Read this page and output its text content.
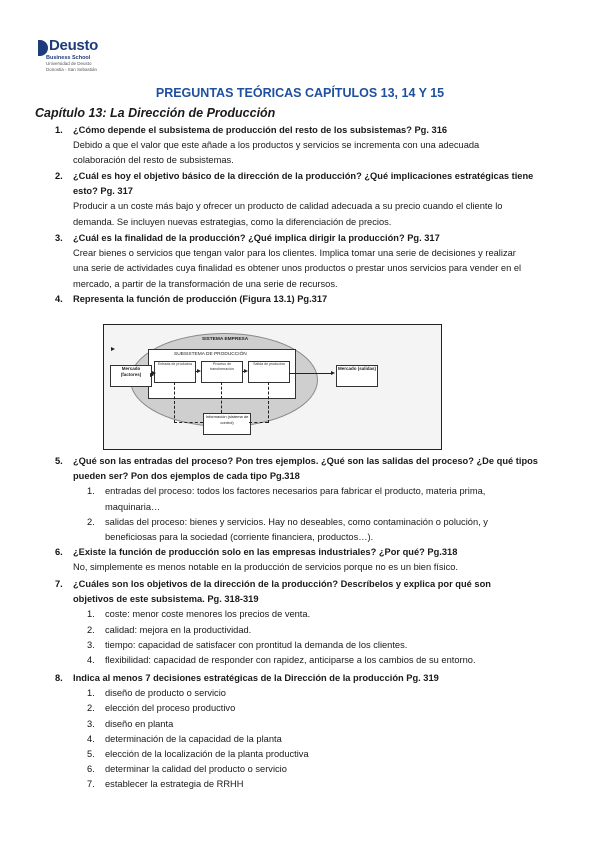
Deusto
Business School
Universidad de Deusto
Donostia - San Sebastián
PREGUNTAS TEÓRICAS CAPÍTULOS 13, 14 Y 15
Capítulo 13: La Dirección de Producción
1. ¿Cómo depende el subsistema de producción del resto de los subsistemas? Pg. 316
Debido a que el valor que este añade a los productos y servicios se incrementa con una adecuada
colaboración del resto de subsistemas.
2. ¿Cuál es hoy el objetivo básico de la dirección de la producción? ¿Qué implicaciones estratégicas tiene
esto? Pg. 317
Producir a un coste más bajo y ofrecer un producto de calidad adecuada a su precio cuando el cliente lo
demanda. Se incluyen nuevas estrategias, como la diferenciación de precios.
3. ¿Cuál es la finalidad de la producción? ¿Qué implica dirigir la producción? Pg. 317
Crear bienes o servicios que tengan valor para los clientes. Implica tomar una serie de decisiones y realizar
una serie de actividades cuya finalidad es obtener unos productos o prestar unos servicios para vender en el
mercado, a partir de la transformación de una serie de recursos.
4. Representa la función de producción (Figura 13.1) Pg.317
5. ¿Qué son las entradas del proceso? Pon tres ejemplos. ¿Qué son las salidas del proceso? ¿De qué tipos
pueden ser? Pon dos ejemplos de cada tipo Pg.318
1. entradas del proceso: todos los factores necesarios para fabricar el producto, materia prima,
maquinaria…
2. salidas del proceso: bienes y servicios. Hay no deseables, como contaminación o polución, y
beneficiosas para la sociedad (corriente financiera, productos…).
6. ¿Existe la función de producción solo en las empresas industriales? ¿Por qué? Pg.318
No, simplemente es menos notable en la producción de servicios porque no es un bien físico.
7. ¿Cuáles son los objetivos de la dirección de la producción? Descríbelos y explica por qué son
objetivos de este subsistema. Pg. 318-319
1. coste: menor coste menores los precios de venta.
2. calidad: mejora en la productividad.
3. tiempo: capacidad de satisfacer con prontitud la demanda de los clientes.
4. flexibilidad: capacidad de responder con rapidez, anticiparse a los cambios de su entorno.
8. Indica al menos 7 decisiones estratégicas de la Dirección de la producción Pg. 319
1. diseño de producto o servicio
2. elección del proceso productivo
3. diseño en planta
4. determinación de la capacidad de la planta
5. elección de la localización de la planta productiva
6. determinar la calidad del producto o servicio
7. establecer la estrategia de RRHH
SISTEMA EMPRESA
SUBSISTEMA DE PRODUCCIÓN
Entrada de productos	Proceso de transformación
Salida de productos
Mercado (factores)
Mercado (salidas)
Información (sistema de control)
